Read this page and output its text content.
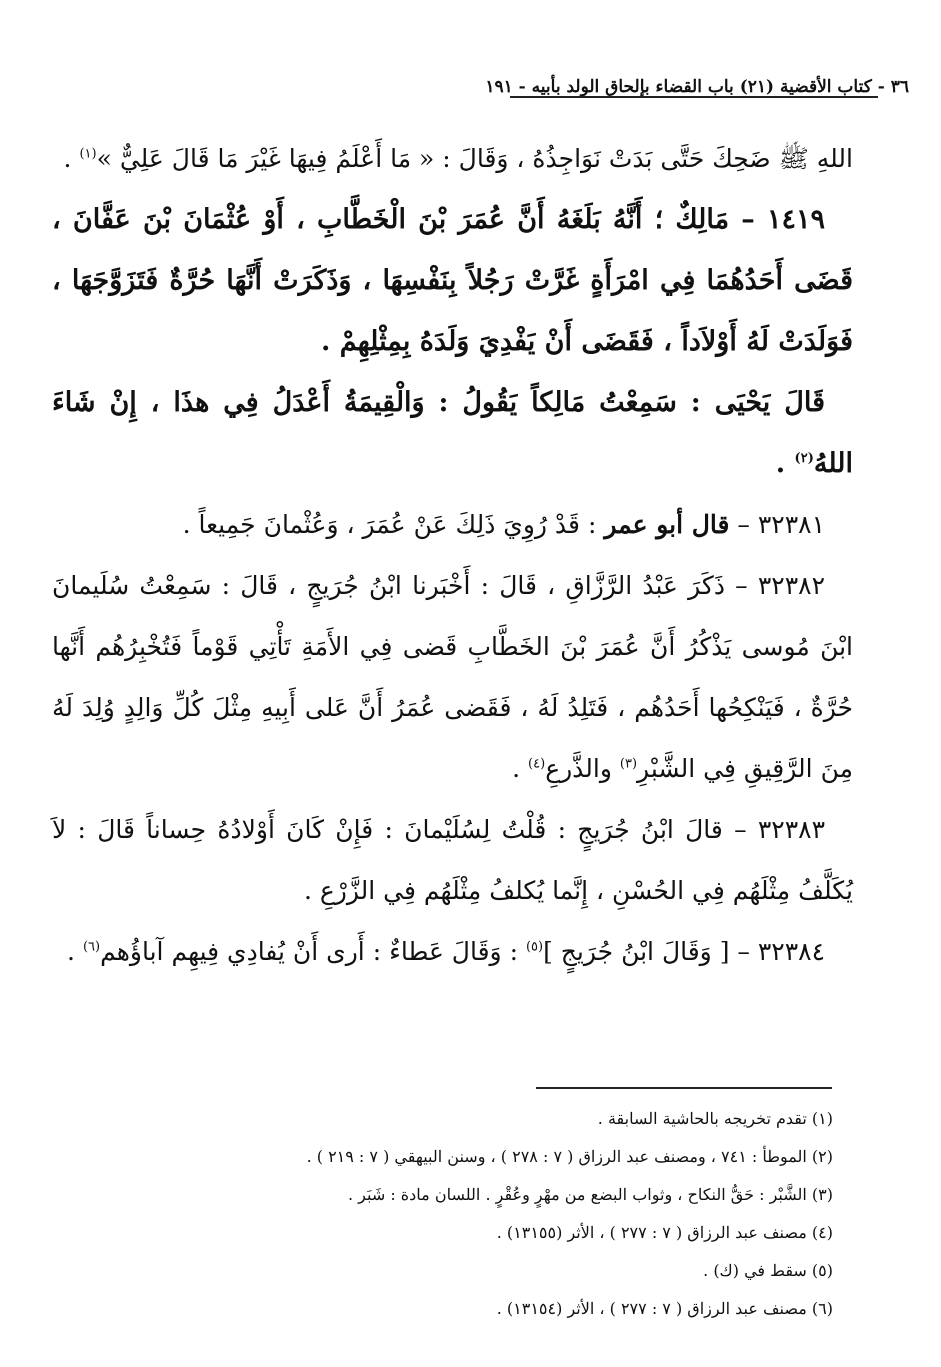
٣٦ - كتاب الأقضية (٢١) باب القضاء بإلحاق الولد بأبيه - ١٩١

اللهِ ﷺ ضَحِكَ حَتَّى بَدَتْ نَوَاجِذُهُ ، وَقَالَ : « مَا أَعْلَمُ فِيهَا غَيْرَ مَا قَالَ عَلِيٌّ »$^{(١)}$ .

١٤١٩ – مَالِكٌ ؛ أَنَّهُ بَلَغَهُ أَنَّ عُمَرَ بْنَ الْخَطَّابِ ، أَوْ عُثْمَانَ بْنَ عَفَّانَ ، قَضَى أَحَدُهُمَا فِي امْرَأَةٍ غَرَّتْ رَجُلاً بِنَفْسِهَا ، وَذَكَرَتْ أَنَّهَا حُرَّةٌ فَتَزَوَّجَهَا ، فَوَلَدَتْ لَهُ أَوْلاَداً ، فَقَضَى أَنْ يَفْدِيَ وَلَدَهُ بِمِثْلِهِمْ .

قَالَ يَحْيَى : سَمِعْتُ مَالِكاً يَقُولُ : وَالْقِيمَةُ أَعْدَلُ فِي هذَا ، إِنْ شَاءَ اللهُ$^{(٢)}$ .

٣٢٣٨١ – قال أبو عمر : قَدْ رُوِيَ ذَلِكَ عَنْ عُمَرَ ، وَعُثْمانَ جَمِيعاً .

٣٢٣٨٢ – ذَكَرَ عَبْدُ الرَّزَّاقِ ، قَالَ : أَخْبَرنا ابْنُ جُرَيجٍ ، قَالَ : سَمِعْتُ سُلَيمانَ ابْنَ مُوسى يَذْكُرُ أَنَّ عُمَرَ بْنَ الخَطَّابِ قَضى فِي الأَمَةِ تَأْتِي قَوْماً فَتُخْبِرُهُم أَنَّها حُرَّةٌ ، فَيَنْكِحُها أَحَدُهُم ، فَتَلِدُ لَهُ ، فَقَضى عُمَرُ أَنَّ عَلى أَبِيهِ مِثْلَ كُلِّ وَالِدٍ وُلِدَ لَهُ مِنَ الرَّقِيقِ فِي الشَّبْرِ$^{(٣)}$ والذَّرعِ$^{(٤)}$ .

٣٢٣٨٣ – قالَ ابْنُ جُرَيجٍ : قُلْتُ لِسُلَيْمانَ : فَإِنْ كَانَ أَوْلادُهُ حِساناً قَالَ : لاَ يُكَلَّفُ مِثْلَهُم فِي الحُسْنِ ، إِنَّما يُكلفُ مِثْلَهُم فِي الزَّرْعِ .

٣٢٣٨٤ – [ وَقَالَ ابْنُ جُرَيجٍ ]$^{(٥)}$ : وَقَالَ عَطاءٌ : أَرى أَنْ يُفادِي فِيهِم آباؤُهم$^{(٦)}$ .

(١) تقدم تخريجه بالحاشية السابقة .

(٢) الموطأ : ٧٤١ ، ومصنف عبد الرزاق ( ٧ : ٢٧٨ ) ، وسنن البيهقي ( ٧ : ٢١٩ ) .

(٣) الشَّبْر : حَقُّ النكاح ، وثواب البضع من مهْرٍ وعُقْرٍ . اللسان مادة : شَبَر .

(٤) مصنف عبد الرزاق ( ٧ : ٢٧٧ ) ، الأثر (١٣١٥٥) .

(٥) سقط في (ك) .

(٦) مصنف عبد الرزاق ( ٧ : ٢٧٧ ) ، الأثر (١٣١٥٤) .
